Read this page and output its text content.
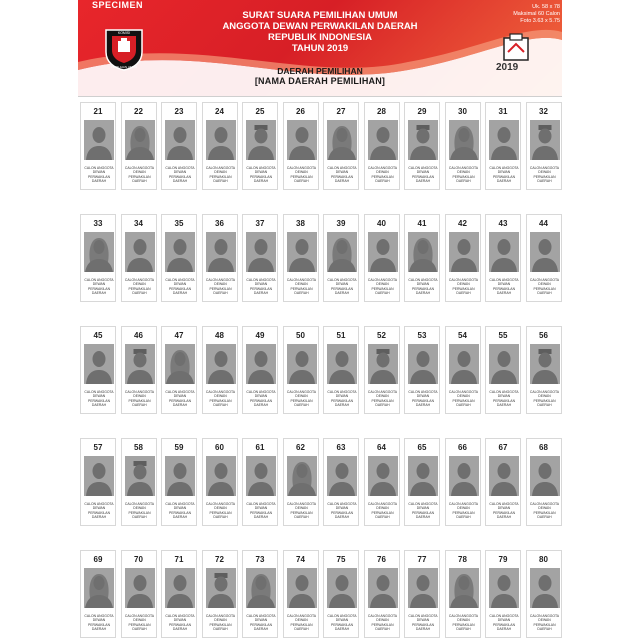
SPECIMEN
KOMISI
PEMILIHAN UMUM
SURAT SUARA PEMILIHAN UMUM
ANGGOTA DEWAN PERWAKILAN DAERAH
REPUBLIK INDONESIA
TAHUN 2019
Uk. 58 x 78
Maksimal 60 Calon
Foto 3.63 x 5.75
2019
DAERAH PEMILIHAN
[NAMA DAERAH PEMILIHAN]
21
CALON ANGGOTA
DEWAN
PERWAKILAN
DAERAH
22
CALON ANGGOTA
DEWAN
PERWAKILAN
DAERAH
23
CALON ANGGOTA
DEWAN
PERWAKILAN
DAERAH
24
CALON ANGGOTA
DEWAN
PERWAKILAN
DAERAH
25
CALON ANGGOTA
DEWAN
PERWAKILAN
DAERAH
26
CALON ANGGOTA
DEWAN
PERWAKILAN
DAERAH
27
CALON ANGGOTA
DEWAN
PERWAKILAN
DAERAH
28
CALON ANGGOTA
DEWAN
PERWAKILAN
DAERAH
29
CALON ANGGOTA
DEWAN
PERWAKILAN
DAERAH
30
CALON ANGGOTA
DEWAN
PERWAKILAN
DAERAH
31
CALON ANGGOTA
DEWAN
PERWAKILAN
DAERAH
32
CALON ANGGOTA
DEWAN
PERWAKILAN
DAERAH
33
CALON ANGGOTA
DEWAN
PERWAKILAN
DAERAH
34
CALON ANGGOTA
DEWAN
PERWAKILAN
DAERAH
35
CALON ANGGOTA
DEWAN
PERWAKILAN
DAERAH
36
CALON ANGGOTA
DEWAN
PERWAKILAN
DAERAH
37
CALON ANGGOTA
DEWAN
PERWAKILAN
DAERAH
38
CALON ANGGOTA
DEWAN
PERWAKILAN
DAERAH
39
CALON ANGGOTA
DEWAN
PERWAKILAN
DAERAH
40
CALON ANGGOTA
DEWAN
PERWAKILAN
DAERAH
41
CALON ANGGOTA
DEWAN
PERWAKILAN
DAERAH
42
CALON ANGGOTA
DEWAN
PERWAKILAN
DAERAH
43
CALON ANGGOTA
DEWAN
PERWAKILAN
DAERAH
44
CALON ANGGOTA
DEWAN
PERWAKILAN
DAERAH
45
CALON ANGGOTA
DEWAN
PERWAKILAN
DAERAH
46
CALON ANGGOTA
DEWAN
PERWAKILAN
DAERAH
47
CALON ANGGOTA
DEWAN
PERWAKILAN
DAERAH
48
CALON ANGGOTA
DEWAN
PERWAKILAN
DAERAH
49
CALON ANGGOTA
DEWAN
PERWAKILAN
DAERAH
50
CALON ANGGOTA
DEWAN
PERWAKILAN
DAERAH
51
CALON ANGGOTA
DEWAN
PERWAKILAN
DAERAH
52
CALON ANGGOTA
DEWAN
PERWAKILAN
DAERAH
53
CALON ANGGOTA
DEWAN
PERWAKILAN
DAERAH
54
CALON ANGGOTA
DEWAN
PERWAKILAN
DAERAH
55
CALON ANGGOTA
DEWAN
PERWAKILAN
DAERAH
56
CALON ANGGOTA
DEWAN
PERWAKILAN
DAERAH
57
CALON ANGGOTA
DEWAN
PERWAKILAN
DAERAH
58
CALON ANGGOTA
DEWAN
PERWAKILAN
DAERAH
59
CALON ANGGOTA
DEWAN
PERWAKILAN
DAERAH
60
CALON ANGGOTA
DEWAN
PERWAKILAN
DAERAH
61
CALON ANGGOTA
DEWAN
PERWAKILAN
DAERAH
62
CALON ANGGOTA
DEWAN
PERWAKILAN
DAERAH
63
CALON ANGGOTA
DEWAN
PERWAKILAN
DAERAH
64
CALON ANGGOTA
DEWAN
PERWAKILAN
DAERAH
65
CALON ANGGOTA
DEWAN
PERWAKILAN
DAERAH
66
CALON ANGGOTA
DEWAN
PERWAKILAN
DAERAH
67
CALON ANGGOTA
DEWAN
PERWAKILAN
DAERAH
68
CALON ANGGOTA
DEWAN
PERWAKILAN
DAERAH
69
CALON ANGGOTA
DEWAN
PERWAKILAN
DAERAH
70
CALON ANGGOTA
DEWAN
PERWAKILAN
DAERAH
71
CALON ANGGOTA
DEWAN
PERWAKILAN
DAERAH
72
CALON ANGGOTA
DEWAN
PERWAKILAN
DAERAH
73
CALON ANGGOTA
DEWAN
PERWAKILAN
DAERAH
74
CALON ANGGOTA
DEWAN
PERWAKILAN
DAERAH
75
CALON ANGGOTA
DEWAN
PERWAKILAN
DAERAH
76
CALON ANGGOTA
DEWAN
PERWAKILAN
DAERAH
77
CALON ANGGOTA
DEWAN
PERWAKILAN
DAERAH
78
CALON ANGGOTA
DEWAN
PERWAKILAN
DAERAH
79
CALON ANGGOTA
DEWAN
PERWAKILAN
DAERAH
80
CALON ANGGOTA
DEWAN
PERWAKILAN
DAERAH
